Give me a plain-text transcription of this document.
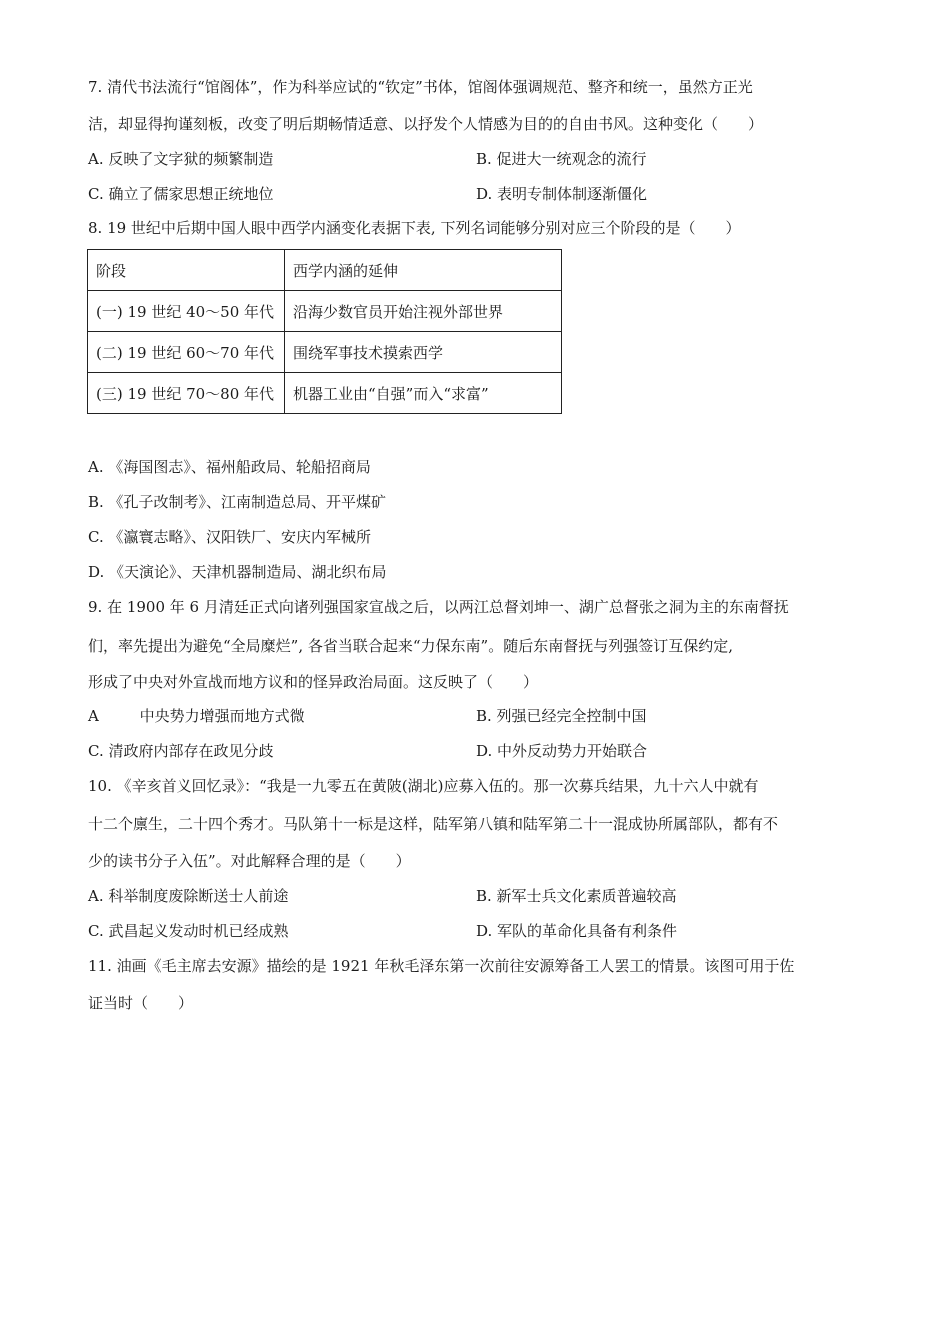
7. 清代书法流行“馆阁体”，作为科举应试的“钦定”书体，馆阁体强调规范、整齐和统一，虽然方正光
洁，却显得拘谨刻板，改变了明后期畅情适意、以抒发个人情感为目的的自由书风。这种变化（　　）
A. 反映了文字狱的频繁制造	B. 促进大一统观念的流行
C. 确立了儒家思想正统地位	D. 表明专制体制逐渐僵化
8. 19 世纪中后期中国人眼中西学内涵变化表据下表, 下列名词能够分别对应三个阶段的是（　　）
阶段	西学内涵的延伸
(一) 19 世纪 40～50 年代	沿海少数官员开始注视外部世界
(二) 19 世纪 60～70 年代	围绕军事技术摸索西学
(三) 19 世纪 70～80 年代	机器工业由“自强”而入“求富”
A. 《海国图志》、福州船政局、轮船招商局
B. 《孔子改制考》、江南制造总局、开平煤矿
C. 《瀛寰志略》、汉阳铁厂、安庆内军械所
D. 《天演论》、天津机器制造局、湖北织布局
9. 在 1900 年 6 月清廷正式向诸列强国家宣战之后，以两江总督刘坤一、湖广总督张之洞为主的东南督抚
们，率先提出为避免“全局糜烂”, 各省当联合起来“力保东南”。随后东南督抚与列强签订互保约定,
形成了中央对外宣战而地方议和的怪异政治局面。这反映了（　　）
A	中央势力增强而地方式微	B. 列强已经完全控制中国
C. 清政府内部存在政见分歧	D. 中外反动势力开始联合
10. 《辛亥首义回忆录》：“我是一九零五在黄陂(湖北)应募入伍的。那一次募兵结果，九十六人中就有
十二个廪生，二十四个秀才。马队第十一标是这样，陆军第八镇和陆军第二十一混成协所属部队，都有不
少的读书分子入伍”。对此解释合理的是（　　）
A. 科举制度废除断送士人前途	B. 新军士兵文化素质普遍较高
C. 武昌起义发动时机已经成熟	D. 军队的革命化具备有利条件
11. 油画《毛主席去安源》描绘的是 1921 年秋毛泽东第一次前往安源筹备工人罢工的情景。该图可用于佐
证当时（　　）
